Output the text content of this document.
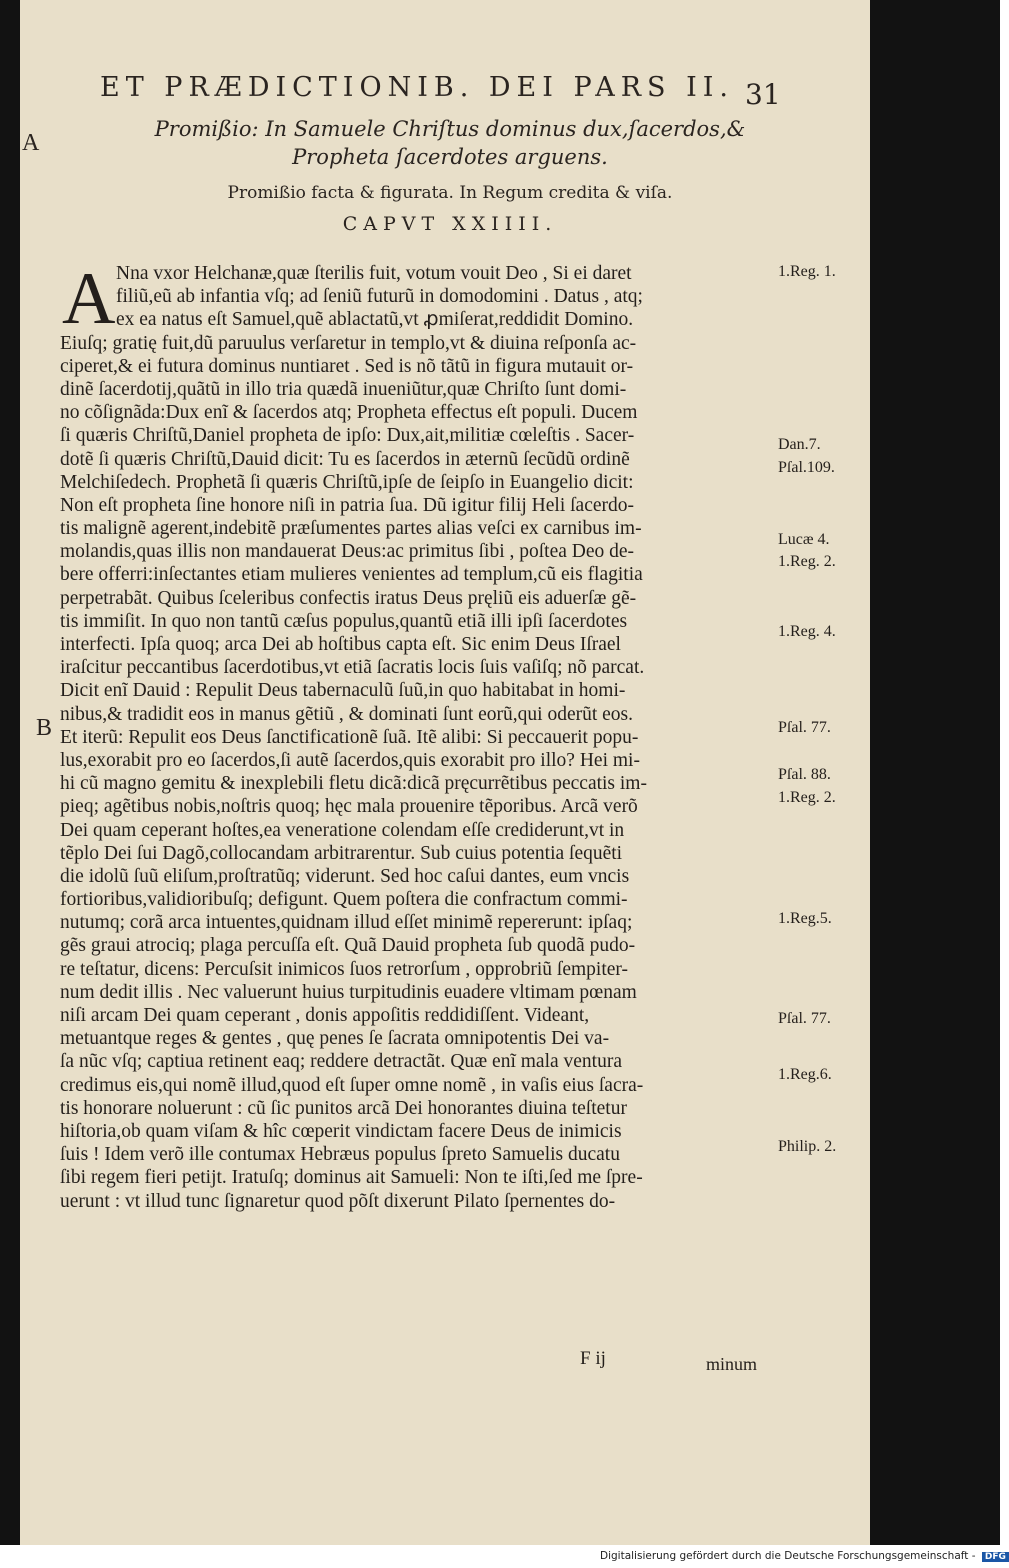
ET PRÆDICTIONIB. DEI PARS II. 31
A
B
Promißio: In Samuele Chriſtus dominus dux,ſacerdos,&
Propheta ſacerdotes arguens.
Promißio facta & figurata. In Regum credita & viſa.
CAPVT XXIIII.
A Nna vxor Helchanæ,quæ ſterilis fuit, votum vouit Deo , Si ei daret
filiũ,eũ ab infantia vſq; ad ſeniũ futurũ in domodomini . Datus , atq;
ex ea natus eſt Samuel,quẽ ablactatũ,vt ꝓmiſerat,reddidit Domino.
Eiuſq; gratię fuit,dũ paruulus verſaretur in templo,vt & diuina reſponſa ac-
ciperet,& ei futura dominus nuntiaret . Sed is nõ tãtũ in figura mutauit or-
dinẽ ſacerdotij,quãtũ in illo tria quædã inueniũtur,quæ Chriſto ſunt domi-
no cõſignãda:Dux enĩ & ſacerdos atq; Propheta effectus eſt populi. Ducem
ſi quæris Chriſtũ,Daniel propheta de ipſo: Dux,ait,militiæ cœleſtis . Sacer-
dotẽ ſi quæris Chriſtũ,Dauid dicit: Tu es ſacerdos in æternũ ſecũdũ ordinẽ
Melchiſedech. Prophetã ſi quæris Chriſtũ,ipſe de ſeipſo in Euangelio dicit:
Non eſt propheta ſine honore niſi in patria ſua. Dũ igitur filij Heli ſacerdo-
tis malignẽ agerent,indebitẽ præſumentes partes alias veſci ex carnibus im-
molandis,quas illis non mandauerat Deus:ac primitus ſibi , poſtea Deo de-
bere offerri:inſectantes etiam mulieres venientes ad templum,cũ eis flagitia
perpetrabãt. Quibus ſceleribus confectis iratus Deus pręliũ eis aduerſæ gẽ-
tis immiſit. In quo non tantũ cæſus populus,quantũ etiã illi ipſi ſacerdotes
interfecti. Ipſa quoq; arca Dei ab hoſtibus capta eſt. Sic enim Deus Iſrael
iraſcitur peccantibus ſacerdotibus,vt etiã ſacratis locis ſuis vaſiſq; nõ parcat.
Dicit enĩ Dauid : Repulit Deus tabernaculũ ſuũ,in quo habitabat in homi-
nibus,& tradidit eos in manus gẽtiũ , & dominati ſunt eorũ,qui oderũt eos.
Et iterũ: Repulit eos Deus ſanctificationẽ ſuã. Itẽ alibi: Si peccauerit popu-
lus,exorabit pro eo ſacerdos,ſi autẽ ſacerdos,quis exorabit pro illo? Hei mi-
hi cũ magno gemitu & inexplebili fletu dicã:dicã pręcurrẽtibus peccatis im-
pieq; agẽtibus nobis,noſtris quoq; hęc mala prouenire tẽporibus. Arcã verõ
Dei quam ceperant hoſtes,ea veneratione colendam eſſe crediderunt,vt in
tẽplo Dei ſui Dagõ,collocandam arbitrarentur. Sub cuius potentia ſequẽti
die idolũ ſuũ eliſum,proſtratũq; viderunt. Sed hoc caſui dantes, eum vncis
fortioribus,validioribuſq; defigunt. Quem poſtera die confractum commi-
nutumq; corã arca intuentes,quidnam illud eſſet minimẽ repererunt: ipſaq;
gẽs graui atrociq; plaga percuſſa eſt. Quã Dauid propheta ſub quodã pudo-
re teſtatur, dicens: Percuſsit inimicos ſuos retrorſum , opprobriũ ſempiter-
num dedit illis . Nec valuerunt huius turpitudinis euadere vltimam pœnam
niſi arcam Dei quam ceperant , donis appoſitis reddidiſſent. Videant,
metuantque reges & gentes , quę penes ſe ſacrata omnipotentis Dei va-
ſa nũc vſq; captiua retinent eaq; reddere detractãt. Quæ enĩ mala ventura
credimus eis,qui nomẽ illud,quod eſt ſuper omne nomẽ , in vaſis eius ſacra-
tis honorare noluerunt : cũ ſic punitos arcã Dei honorantes diuina teſtetur
hiſtoria,ob quam viſam & hîc cœperit vindictam facere Deus de inimicis
ſuis ! Idem verõ ille contumax Hebræus populus ſpreto Samuelis ducatu
ſibi regem fieri petijt. Iratuſq; dominus ait Samueli: Non te iſti,ſed me ſpre-
uerunt : vt illud tunc ſignaretur quod põſt dixerunt Pilato ſpernentes do-
1.Reg. 1.
Dan.7.
Pſal.109.
Lucæ 4.
1.Reg. 2.
1.Reg. 4.
Pſal. 77.
Pſal. 88.
1.Reg. 2.
1.Reg.5.
Pſal. 77.
1.Reg.6.
Philip. 2.
F ij	minum
Digitalisierung gefördert durch die Deutsche Forschungsgemeinschaft - DFG
